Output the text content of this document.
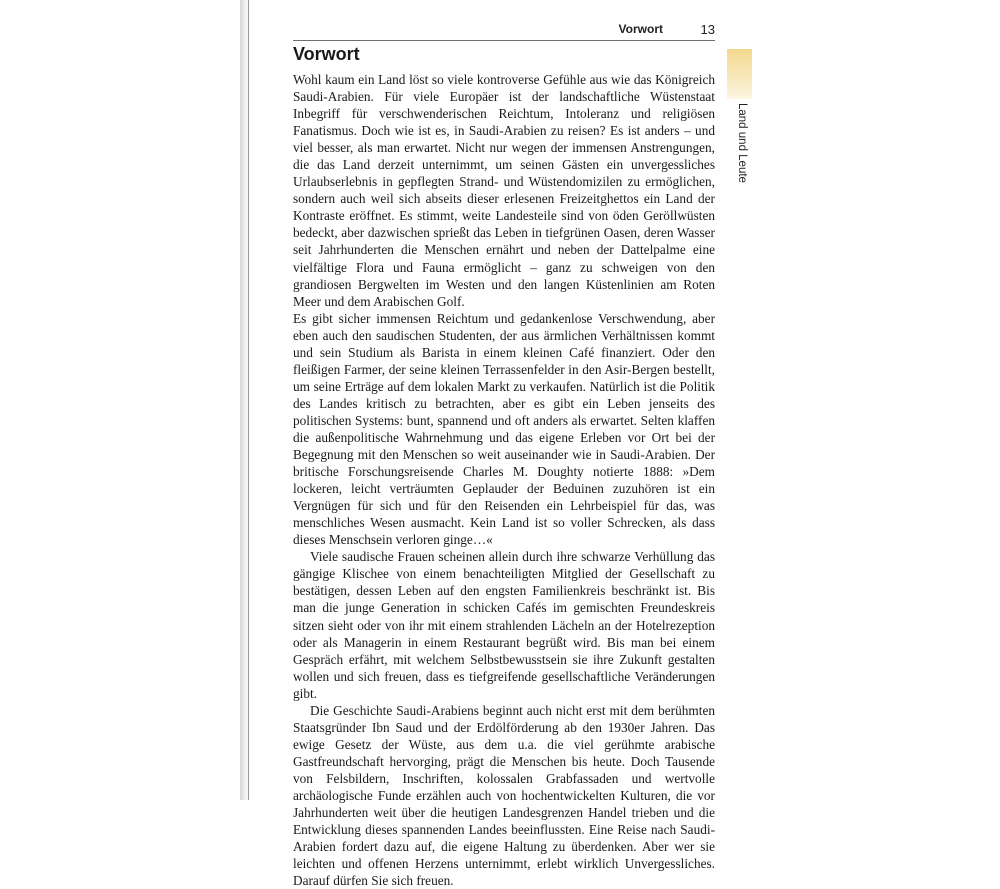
Vorwort	13
Vorwort
Land und Leute

Wohl kaum ein Land löst so viele kontroverse Gefühle aus wie das Königreich Saudi-Arabien. Für viele Europäer ist der landschaftliche Wüstenstaat Inbegriff für verschwenderischen Reichtum, Intoleranz und religiösen Fanatismus. Doch wie ist es, in Saudi-Arabien zu reisen? Es ist anders – und viel besser, als man erwartet. Nicht nur wegen der immensen Anstrengungen, die das Land derzeit unternimmt, um seinen Gästen ein unvergessliches Urlaubserlebnis in gepflegten Strand- und Wüstendomizilen zu ermöglichen, sondern auch weil sich abseits dieser erlesenen Freizeitghettos ein Land der Kontraste eröffnet. Es stimmt, weite Landesteile sind von öden Geröllwüsten bedeckt, aber dazwischen sprießt das Leben in tiefgrünen Oasen, deren Wasser seit Jahrhunderten die Menschen ernährt und neben der Dattelpalme eine vielfältige Flora und Fauna ermöglicht – ganz zu schweigen von den grandiosen Bergwelten im Westen und den langen Küstenlinien am Roten Meer und dem Arabischen Golf.

Es gibt sicher immensen Reichtum und gedankenlose Verschwendung, aber eben auch den saudischen Studenten, der aus ärmlichen Verhältnissen kommt und sein Studium als Barista in einem kleinen Café finanziert. Oder den fleißigen Farmer, der seine kleinen Terrassenfelder in den Asir-Bergen bestellt, um seine Erträge auf dem lokalen Markt zu verkaufen. Natürlich ist die Politik des Landes kritisch zu betrachten, aber es gibt ein Leben jenseits des politischen Systems: bunt, spannend und oft anders als erwartet. Selten klaffen die außenpolitische Wahrnehmung und das eigene Erleben vor Ort bei der Begegnung mit den Menschen so weit auseinander wie in Saudi-Arabien. Der britische Forschungsreisende Charles M. Doughty notierte 1888: »Dem lockeren, leicht verträumten Geplauder der Beduinen zuzuhören ist ein Vergnügen für sich und für den Reisenden ein Lehrbeispiel für das, was menschliches Wesen ausmacht. Kein Land ist so voller Schrecken, als dass dieses Menschsein verloren ginge…«

Viele saudische Frauen scheinen allein durch ihre schwarze Verhüllung das gängige Klischee von einem benachteiligten Mitglied der Gesellschaft zu bestätigen, dessen Leben auf den engsten Familienkreis beschränkt ist. Bis man die junge Generation in schicken Cafés im gemischten Freundeskreis sitzen sieht oder von ihr mit einem strahlenden Lächeln an der Hotelrezeption oder als Managerin in einem Restaurant begrüßt wird. Bis man bei einem Gespräch erfährt, mit welchem Selbstbewusstsein sie ihre Zukunft gestalten wollen und sich freuen, dass es tiefgreifende gesellschaftliche Veränderungen gibt.

Die Geschichte Saudi-Arabiens beginnt auch nicht erst mit dem berühmten Staatsgründer Ibn Saud und der Erdölförderung ab den 1930er Jahren. Das ewige Gesetz der Wüste, aus dem u.a. die viel gerühmte arabische Gastfreundschaft hervorging, prägt die Menschen bis heute. Doch Tausende von Felsbildern, Inschriften, kolossalen Grabfassaden und wertvolle archäologische Funde erzählen auch von hochentwickelten Kulturen, die vor Jahrhunderten weit über die heutigen Landesgrenzen Handel trieben und die Entwicklung dieses spannenden Landes beeinflussten. Eine Reise nach Saudi-Arabien fordert dazu auf, die eigene Haltung zu überdenken. Aber wer sie leichten und offenen Herzens unternimmt, erlebt wirklich Unvergessliches. Darauf dürfen Sie sich freuen.
